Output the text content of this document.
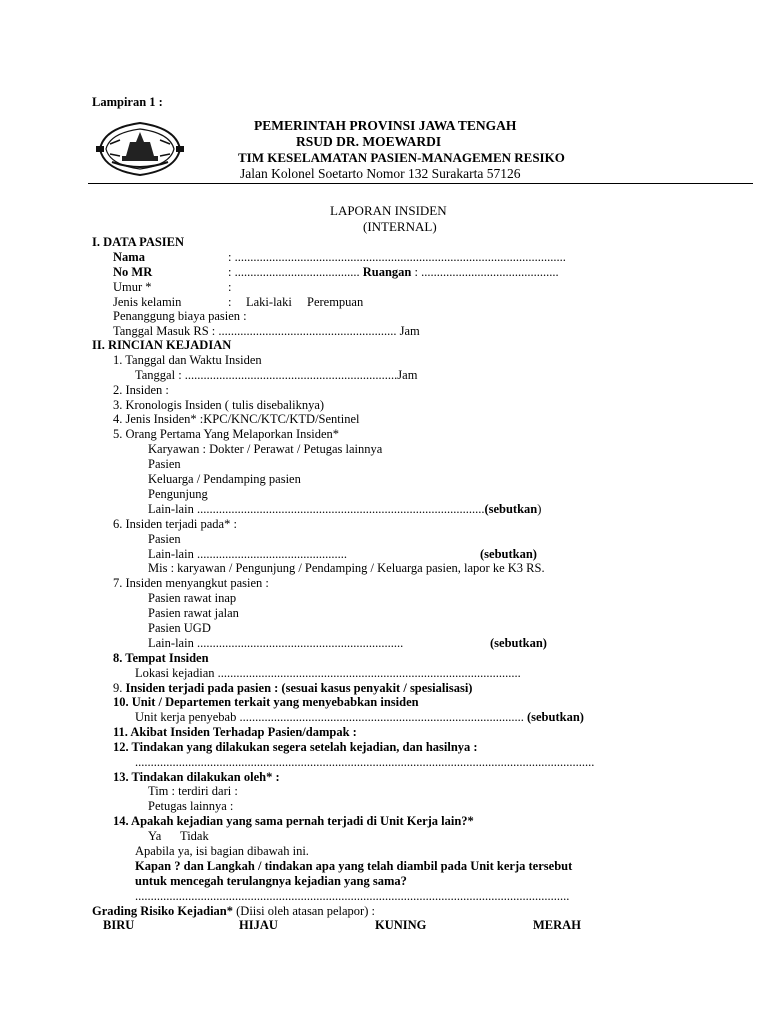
Lampiran 1 :
PEMERINTAH PROVINSI JAWA TENGAH
RSUD DR. MOEWARDI
TIM KESELAMATAN PASIEN-MANAGEMEN RESIKO
Jalan Kolonel Soetarto Nomor 132 Surakarta 57126
LAPORAN INSIDEN
(INTERNAL)
I. DATA PASIEN
Nama	: ..........................................................................................................
No MR	: ........................................ Ruangan : ............................................
Umur *	:
Jenis kelamin	: Laki-laki Perempuan
Penanggung biaya pasien :
Tanggal Masuk RS : ......................................................... Jam
II. RINCIAN KEJADIAN
1. Tanggal dan Waktu Insiden
Tanggal : ....................................................................Jam
2. Insiden :
3. Kronologis Insiden ( tulis disebaliknya)
4. Jenis Insiden* :KPC/KNC/KTC/KTD/Sentinel
5. Orang Pertama Yang Melaporkan Insiden*
Karyawan : Dokter / Perawat / Petugas lainnya
Pasien
Keluarga / Pendamping pasien
Pengunjung
Lain-lain ............................................................................................(sebutkan)
6. Insiden terjadi pada* :
Pasien
Lain-lain ................................................	(sebutkan)
Mis : karyawan / Pengunjung / Pendamping / Keluarga pasien, lapor ke K3 RS.
7. Insiden menyangkut pasien :
Pasien rawat inap
Pasien rawat jalan
Pasien UGD
Lain-lain ..................................................................	(sebutkan)
8. Tempat Insiden
Lokasi kejadian .................................................................................................
9. Insiden terjadi pada pasien : (sesuai kasus penyakit / spesialisasi)
10. Unit / Departemen terkait yang menyebabkan insiden
Unit kerja penyebab ........................................................................................... (sebutkan)
11. Akibat Insiden Terhadap Pasien/dampak :
12. Tindakan yang dilakukan segera setelah kejadian, dan hasilnya :
...................................................................................................................................................
13. Tindakan dilakukan oleh* :
Tim : terdiri dari :
Petugas lainnya :
14. Apakah kejadian yang sama pernah terjadi di Unit Kerja lain?*
Ya Tidak
Apabila ya, isi bagian dibawah ini.
Kapan ? dan Langkah / tindakan apa yang telah diambil pada Unit kerja tersebut
untuk mencegah terulangnya kejadian yang sama?
...........................................................................................................................................
Grading Risiko Kejadian* (Diisi oleh atasan pelapor) :
BIRU	HIJAU	KUNING	MERAH
